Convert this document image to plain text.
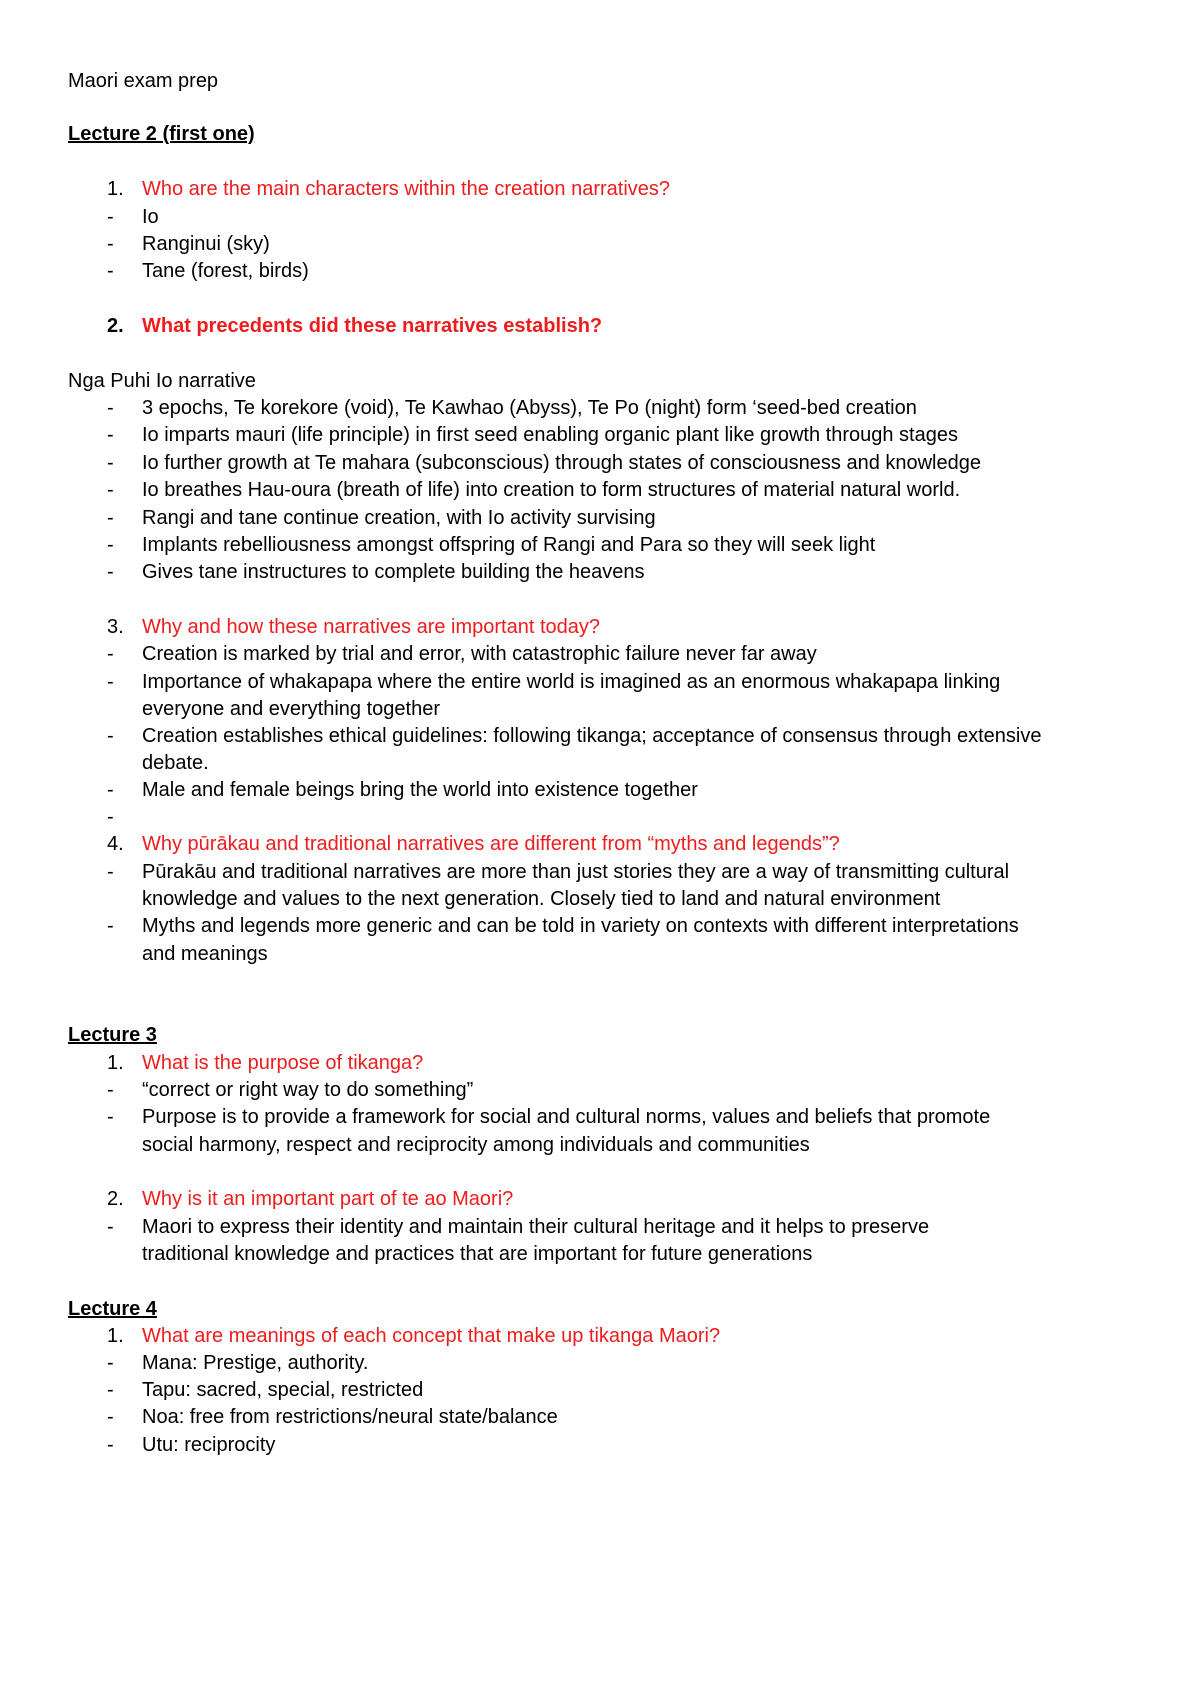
Maori exam prep
Lecture 2 (first one)
1. Who are the main characters within the creation narratives?
- Io
- Ranginui (sky)
- Tane (forest, birds)
2. What precedents did these narratives establish?
Nga Puhi Io narrative
- 3 epochs, Te korekore (void), Te Kawhao (Abyss), Te Po (night) form ‘seed-bed creation
- Io imparts mauri (life principle) in first seed enabling organic plant like growth through stages
- Io further growth at Te mahara (subconscious) through states of consciousness and knowledge
- Io breathes Hau-oura (breath of life) into creation to form structures of material natural world.
- Rangi and tane continue creation, with Io activity survising
- Implants rebelliousness amongst offspring of Rangi and Para so they will seek light
- Gives tane instructures to complete building the heavens
3. Why and how these narratives are important today?
- Creation is marked by trial and error, with catastrophic failure never far away
- Importance of whakapapa where the entire world is imagined as an enormous whakapapa linking
everyone and everything together
- Creation establishes ethical guidelines: following tikanga; acceptance of consensus through extensive
debate.
- Male and female beings bring the world into existence together
-
4. Why pūrākau and traditional narratives are different from “myths and legends”?
- Pūrakāu and traditional narratives are more than just stories they are a way of transmitting cultural
knowledge and values to the next generation. Closely tied to land and natural environment
- Myths and legends more generic and can be told in variety on contexts with different interpretations
and meanings
Lecture 3
1. What is the purpose of tikanga?
- “correct or right way to do something”
- Purpose is to provide a framework for social and cultural norms, values and beliefs that promote
social harmony, respect and reciprocity among individuals and communities
2. Why is it an important part of te ao Maori?
- Maori to express their identity and maintain their cultural heritage and it helps to preserve
traditional knowledge and practices that are important for future generations
Lecture 4
1. What are meanings of each concept that make up tikanga Maori?
- Mana: Prestige, authority.
- Tapu: sacred, special, restricted
- Noa: free from restrictions/neural state/balance
- Utu: reciprocity
